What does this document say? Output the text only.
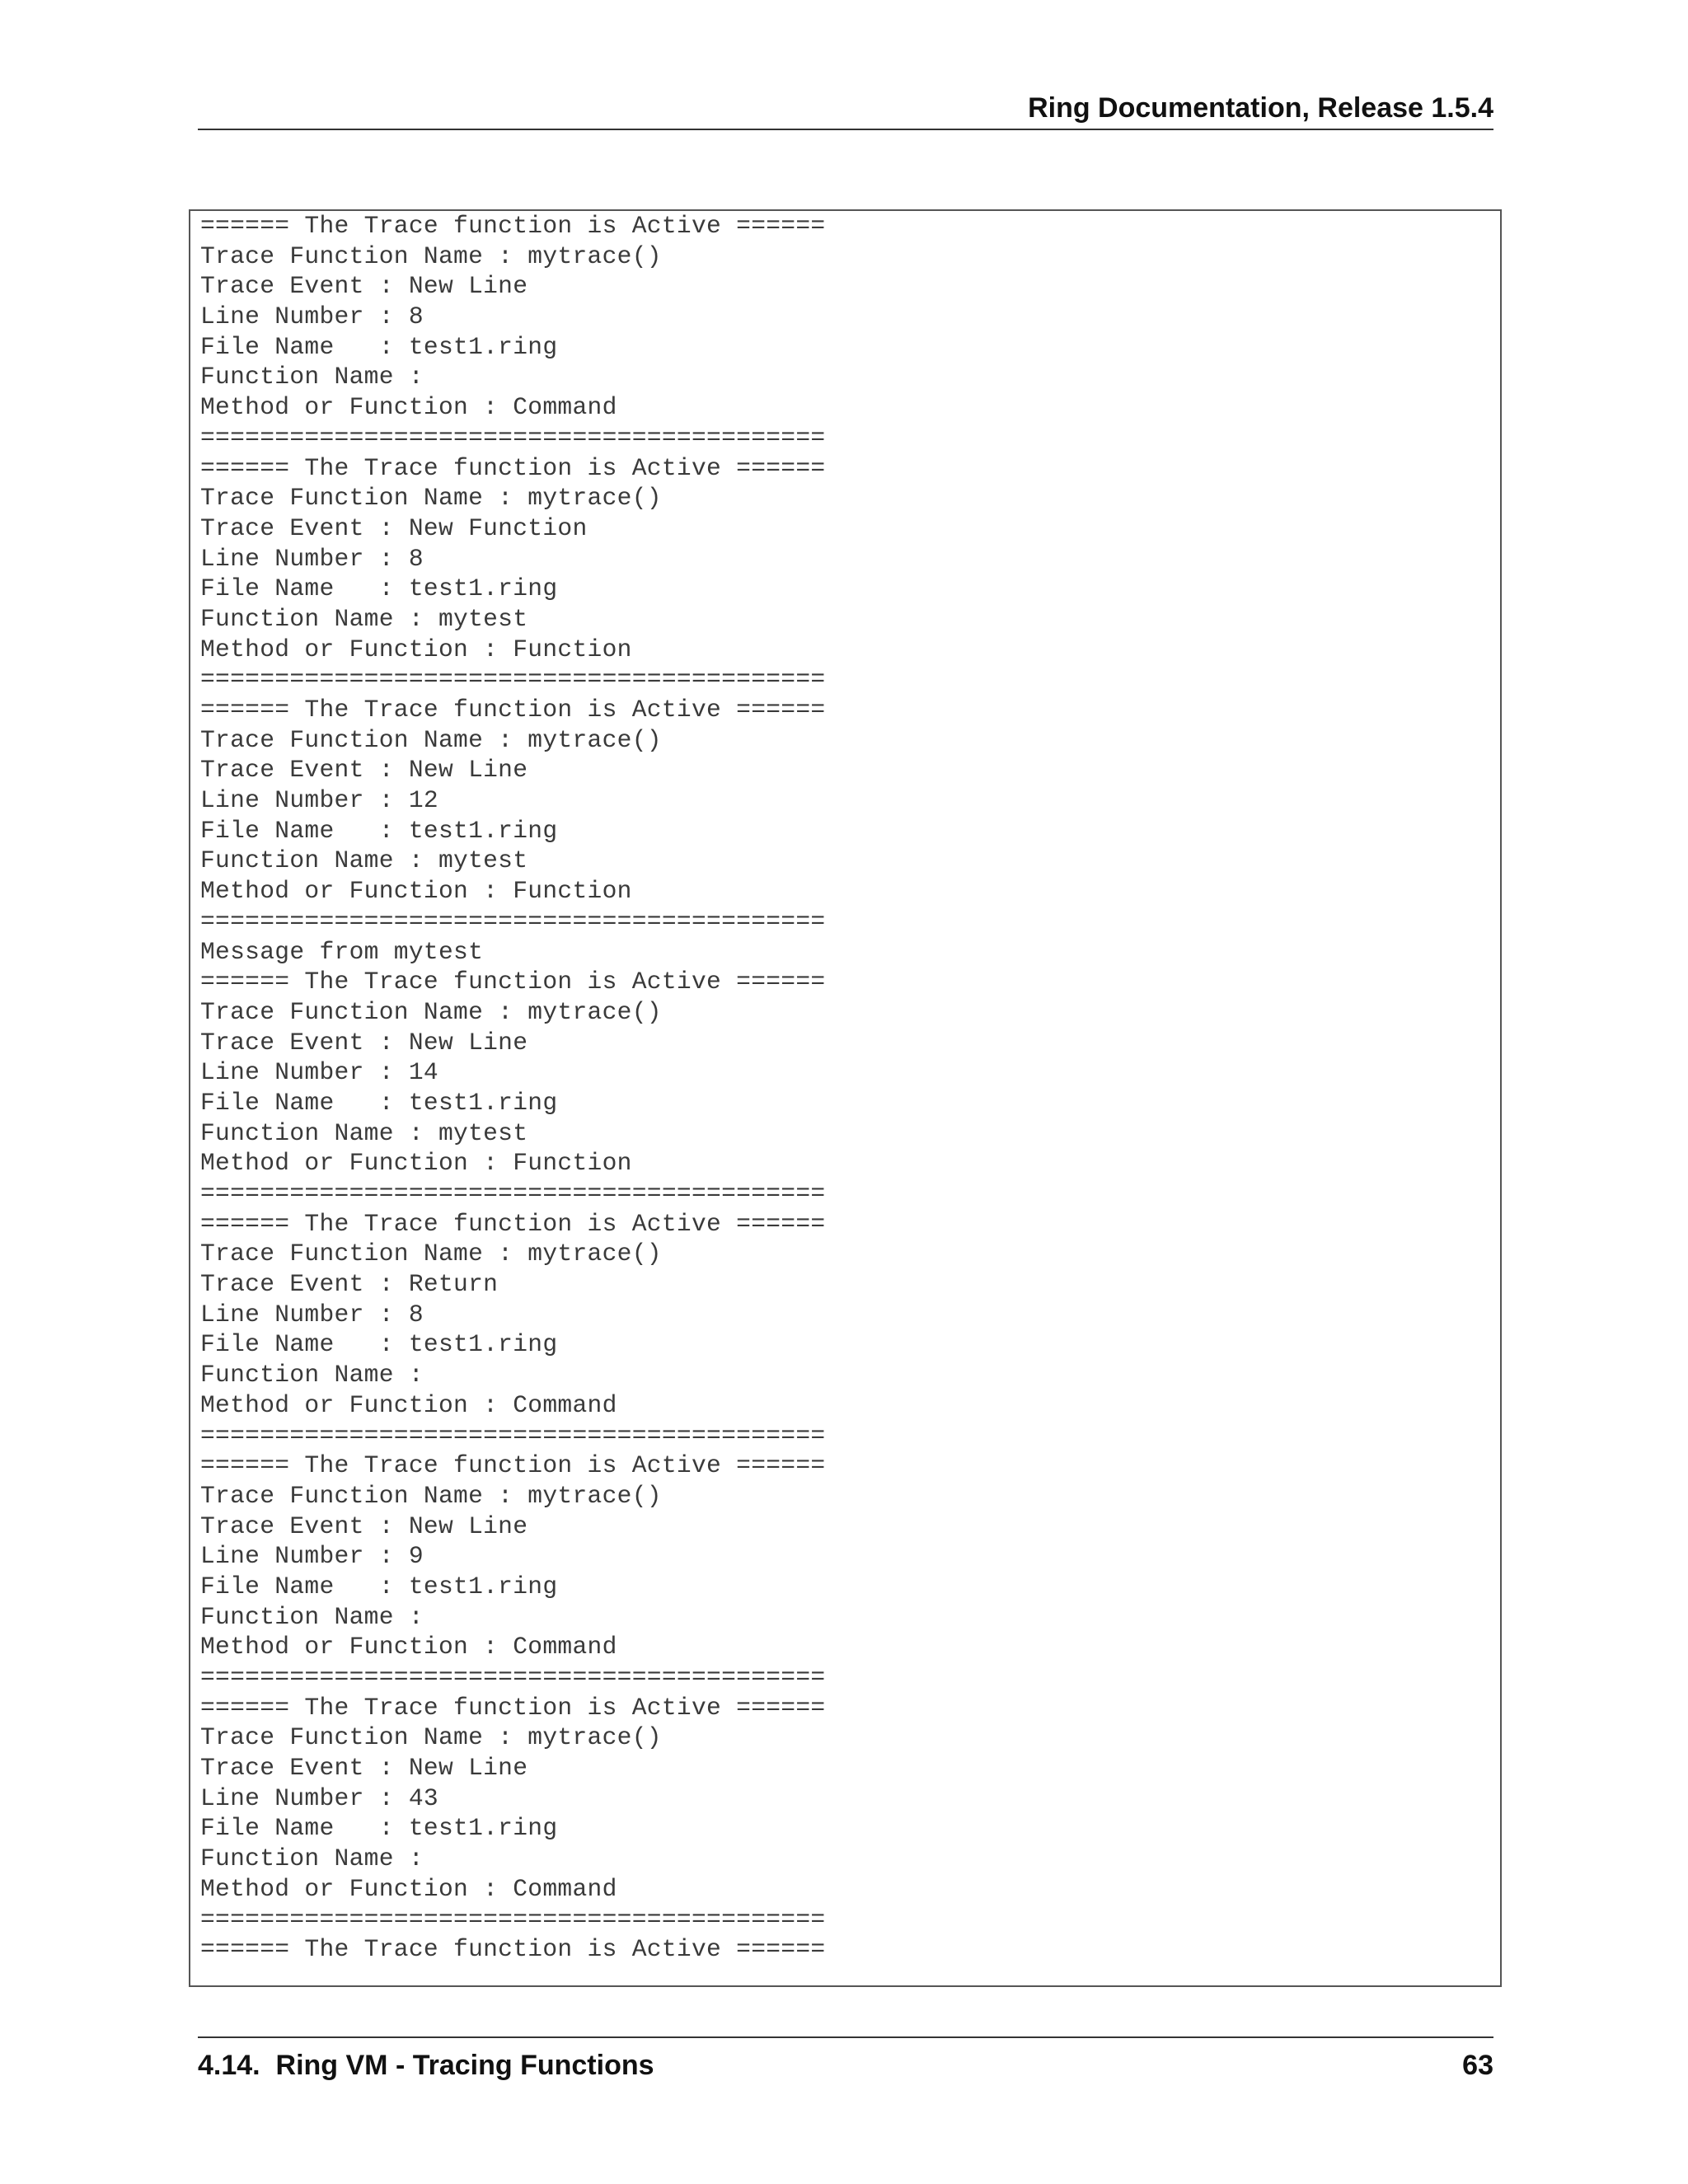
Ring Documentation, Release 1.5.4
====== The Trace function is Active ======
Trace Function Name : mytrace()
Trace Event : New Line
Line Number : 8
File Name   : test1.ring
Function Name :
Method or Function : Command
==========================================
====== The Trace function is Active ======
Trace Function Name : mytrace()
Trace Event : New Function
Line Number : 8
File Name   : test1.ring
Function Name : mytest
Method or Function : Function
==========================================
====== The Trace function is Active ======
Trace Function Name : mytrace()
Trace Event : New Line
Line Number : 12
File Name   : test1.ring
Function Name : mytest
Method or Function : Function
==========================================
Message from mytest
====== The Trace function is Active ======
Trace Function Name : mytrace()
Trace Event : New Line
Line Number : 14
File Name   : test1.ring
Function Name : mytest
Method or Function : Function
==========================================
====== The Trace function is Active ======
Trace Function Name : mytrace()
Trace Event : Return
Line Number : 8
File Name   : test1.ring
Function Name :
Method or Function : Command
==========================================
====== The Trace function is Active ======
Trace Function Name : mytrace()
Trace Event : New Line
Line Number : 9
File Name   : test1.ring
Function Name :
Method or Function : Command
==========================================
====== The Trace function is Active ======
Trace Function Name : mytrace()
Trace Event : New Line
Line Number : 43
File Name   : test1.ring
Function Name :
Method or Function : Command
==========================================
====== The Trace function is Active ======
4.14.  Ring VM - Tracing Functions	63
